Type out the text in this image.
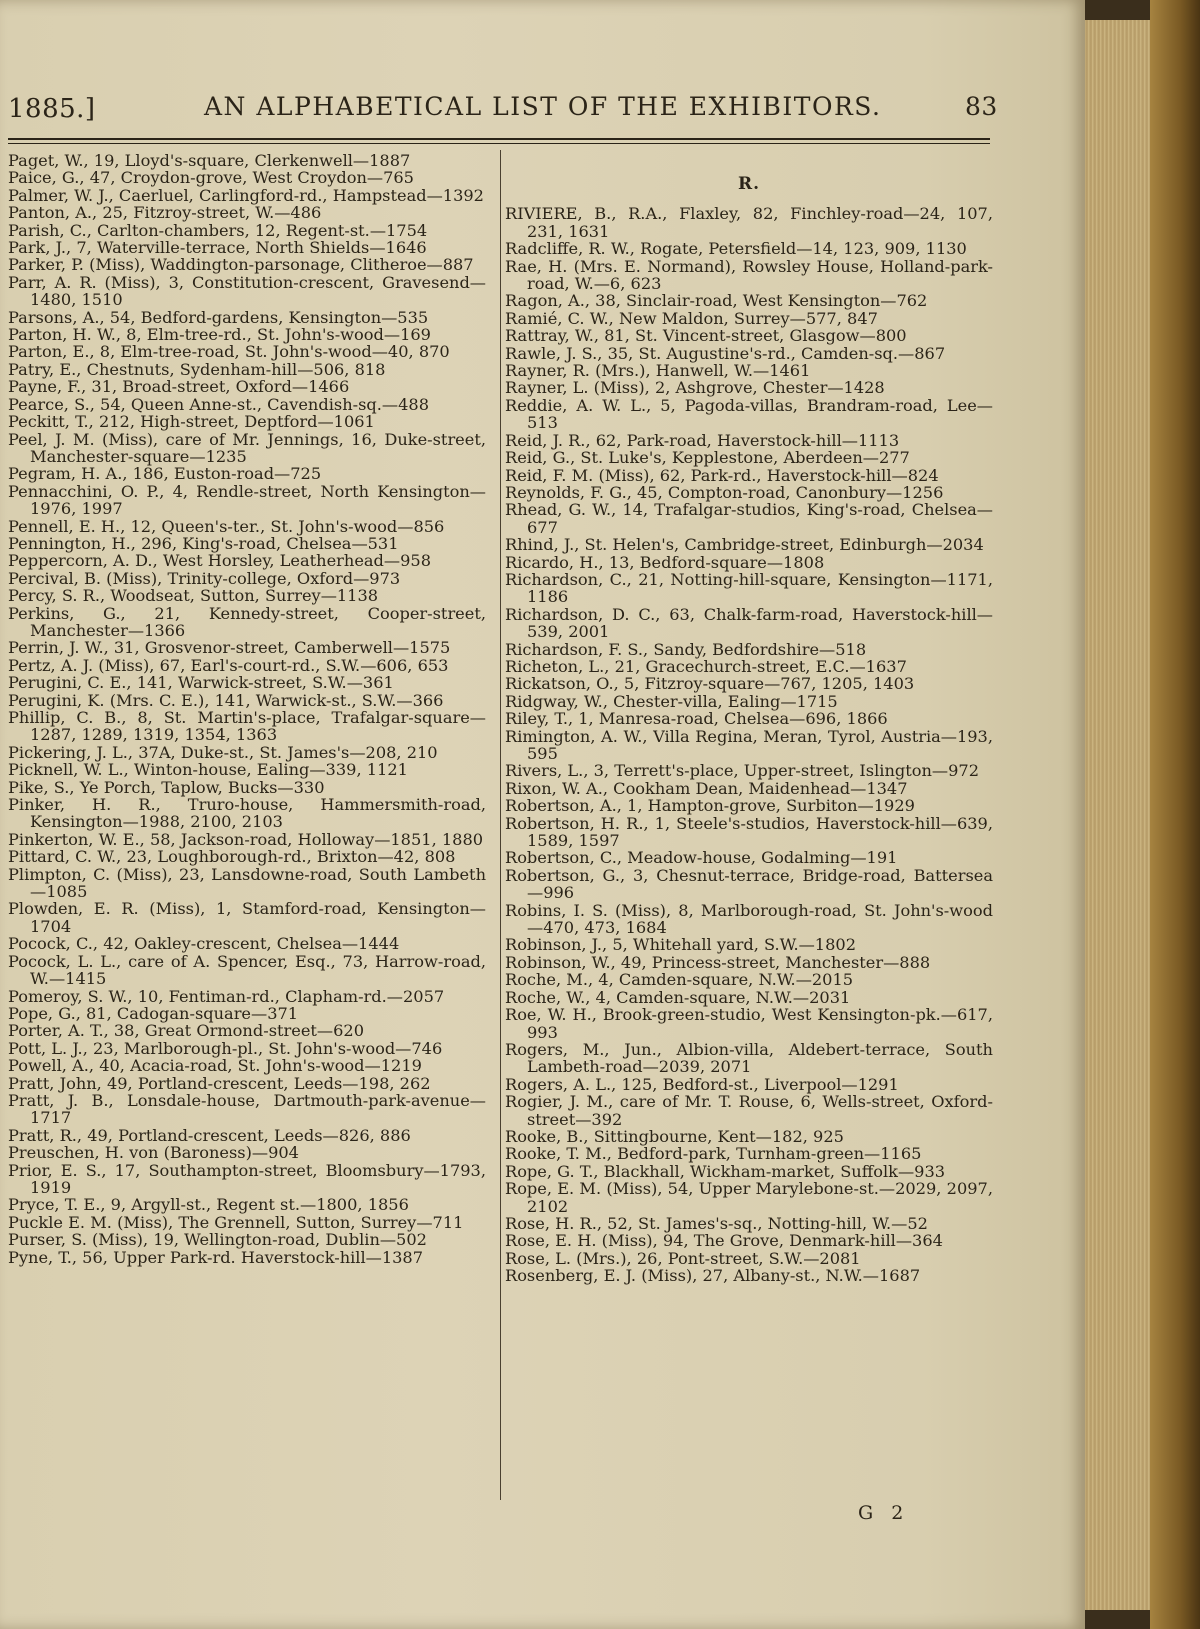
1885.]	AN ALPHABETICAL LIST OF THE EXHIBITORS.	83

Paget, W., 19, Lloyd's-square, Clerkenwell—1887

Paice, G., 47, Croydon-grove, West Croydon—765

Palmer, W. J., Caerluel, Carlingford-rd., Hampstead—1392

Panton, A., 25, Fitzroy-street, W.—486

Parish, C., Carlton-chambers, 12, Regent-st.—1754

Park, J., 7, Waterville-terrace, North Shields—1646

Parker, P. (Miss), Waddington-parsonage, Clitheroe—887

Parr, A. R. (Miss), 3, Constitution-crescent, Gravesend—1480, 1510

Parsons, A., 54, Bedford-gardens, Kensington—535

Parton, H. W., 8, Elm-tree-rd., St. John's-wood—169

Parton, E., 8, Elm-tree-road, St. John's-wood—40, 870

Patry, E., Chestnuts, Sydenham-hill—506, 818

Payne, F., 31, Broad-street, Oxford—1466

Pearce, S., 54, Queen Anne-st., Cavendish-sq.—488

Peckitt, T., 212, High-street, Deptford—1061

Peel, J. M. (Miss), care of Mr. Jennings, 16, Duke-street, Manchester-square—1235

Pegram, H. A., 186, Euston-road—725

Pennacchini, O. P., 4, Rendle-street, North Kensington—1976, 1997

Pennell, E. H., 12, Queen's-ter., St. John's-wood—856

Pennington, H., 296, King's-road, Chelsea—531

Peppercorn, A. D., West Horsley, Leatherhead—958

Percival, B. (Miss), Trinity-college, Oxford—973

Percy, S. R., Woodseat, Sutton, Surrey—1138

Perkins, G., 21, Kennedy-street, Cooper-street, Manchester—1366

Perrin, J. W., 31, Grosvenor-street, Camberwell—1575

Pertz, A. J. (Miss), 67, Earl's-court-rd., S.W.—606, 653

Perugini, C. E., 141, Warwick-street, S.W.—361

Perugini, K. (Mrs. C. E.), 141, Warwick-st., S.W.—366

Phillip, C. B., 8, St. Martin's-place, Trafalgar-square—1287, 1289, 1319, 1354, 1363

Pickering, J. L., 37A, Duke-st., St. James's—208, 210

Picknell, W. L., Winton-house, Ealing—339, 1121

Pike, S., Ye Porch, Taplow, Bucks—330

Pinker, H. R., Truro-house, Hammersmith-road, Kensington—1988, 2100, 2103

Pinkerton, W. E., 58, Jackson-road, Holloway—1851, 1880

Pittard, C. W., 23, Loughborough-rd., Brixton—42, 808

Plimpton, C. (Miss), 23, Lansdowne-road, South Lambeth—1085

Plowden, E. R. (Miss), 1, Stamford-road, Kensington—1704

Pocock, C., 42, Oakley-crescent, Chelsea—1444

Pocock, L. L., care of A. Spencer, Esq., 73, Harrow-road, W.—1415

Pomeroy, S. W., 10, Fentiman-rd., Clapham-rd.—2057

Pope, G., 81, Cadogan-square—371

Porter, A. T., 38, Great Ormond-street—620

Pott, L. J., 23, Marlborough-pl., St. John's-wood—746

Powell, A., 40, Acacia-road, St. John's-wood—1219

Pratt, John, 49, Portland-crescent, Leeds—198, 262

Pratt, J. B., Lonsdale-house, Dartmouth-park-avenue—1717

Pratt, R., 49, Portland-crescent, Leeds—826, 886

Preuschen, H. von (Baroness)—904

Prior, E. S., 17, Southampton-street, Bloomsbury—1793, 1919

Pryce, T. E., 9, Argyll-st., Regent st.—1800, 1856

Puckle E. M. (Miss), The Grennell, Sutton, Surrey—711

Purser, S. (Miss), 19, Wellington-road, Dublin—502

Pyne, T., 56, Upper Park-rd. Haverstock-hill—1387

R.

RIVIERE, B., R.A., Flaxley, 82, Finchley-road—24, 107, 231, 1631

Radcliffe, R. W., Rogate, Petersfield—14, 123, 909, 1130

Rae, H. (Mrs. E. Normand), Rowsley House, Holland-park-road, W.—6, 623

Ragon, A., 38, Sinclair-road, West Kensington—762

Ramié, C. W., New Maldon, Surrey—577, 847

Rattray, W., 81, St. Vincent-street, Glasgow—800

Rawle, J. S., 35, St. Augustine's-rd., Camden-sq.—867

Rayner, R. (Mrs.), Hanwell, W.—1461

Rayner, L. (Miss), 2, Ashgrove, Chester—1428

Reddie, A. W. L., 5, Pagoda-villas, Brandram-road, Lee—513

Reid, J. R., 62, Park-road, Haverstock-hill—1113

Reid, G., St. Luke's, Kepplestone, Aberdeen—277

Reid, F. M. (Miss), 62, Park-rd., Haverstock-hill—824

Reynolds, F. G., 45, Compton-road, Canonbury—1256

Rhead, G. W., 14, Trafalgar-studios, King's-road, Chelsea—677

Rhind, J., St. Helen's, Cambridge-street, Edinburgh—2034

Ricardo, H., 13, Bedford-square—1808

Richardson, C., 21, Notting-hill-square, Kensington—1171, 1186

Richardson, D. C., 63, Chalk-farm-road, Haverstock-hill—539, 2001

Richardson, F. S., Sandy, Bedfordshire—518

Richeton, L., 21, Gracechurch-street, E.C.—1637

Rickatson, O., 5, Fitzroy-square—767, 1205, 1403

Ridgway, W., Chester-villa, Ealing—1715

Riley, T., 1, Manresa-road, Chelsea—696, 1866

Rimington, A. W., Villa Regina, Meran, Tyrol, Austria—193, 595

Rivers, L., 3, Terrett's-place, Upper-street, Islington—972

Rixon, W. A., Cookham Dean, Maidenhead—1347

Robertson, A., 1, Hampton-grove, Surbiton—1929

Robertson, H. R., 1, Steele's-studios, Haverstock-hill—639, 1589, 1597

Robertson, C., Meadow-house, Godalming—191

Robertson, G., 3, Chesnut-terrace, Bridge-road, Battersea—996

Robins, I. S. (Miss), 8, Marlborough-road, St. John's-wood—470, 473, 1684

Robinson, J., 5, Whitehall yard, S.W.—1802

Robinson, W., 49, Princess-street, Manchester—888

Roche, M., 4, Camden-square, N.W.—2015

Roche, W., 4, Camden-square, N.W.—2031

Roe, W. H., Brook-green-studio, West Kensington-pk.—617, 993

Rogers, M., Jun., Albion-villa, Aldebert-terrace, South Lambeth-road—2039, 2071

Rogers, A. L., 125, Bedford-st., Liverpool—1291

Rogier, J. M., care of Mr. T. Rouse, 6, Wells-street, Oxford-street—392

Rooke, B., Sittingbourne, Kent—182, 925

Rooke, T. M., Bedford-park, Turnham-green—1165

Rope, G. T., Blackhall, Wickham-market, Suffolk—933

Rope, E. M. (Miss), 54, Upper Marylebone-st.—2029, 2097, 2102

Rose, H. R., 52, St. James's-sq., Notting-hill, W.—52

Rose, E. H. (Miss), 94, The Grove, Denmark-hill—364

Rose, L. (Mrs.), 26, Pont-street, S.W.—2081

Rosenberg, E. J. (Miss), 27, Albany-st., N.W.—1687

G 2
